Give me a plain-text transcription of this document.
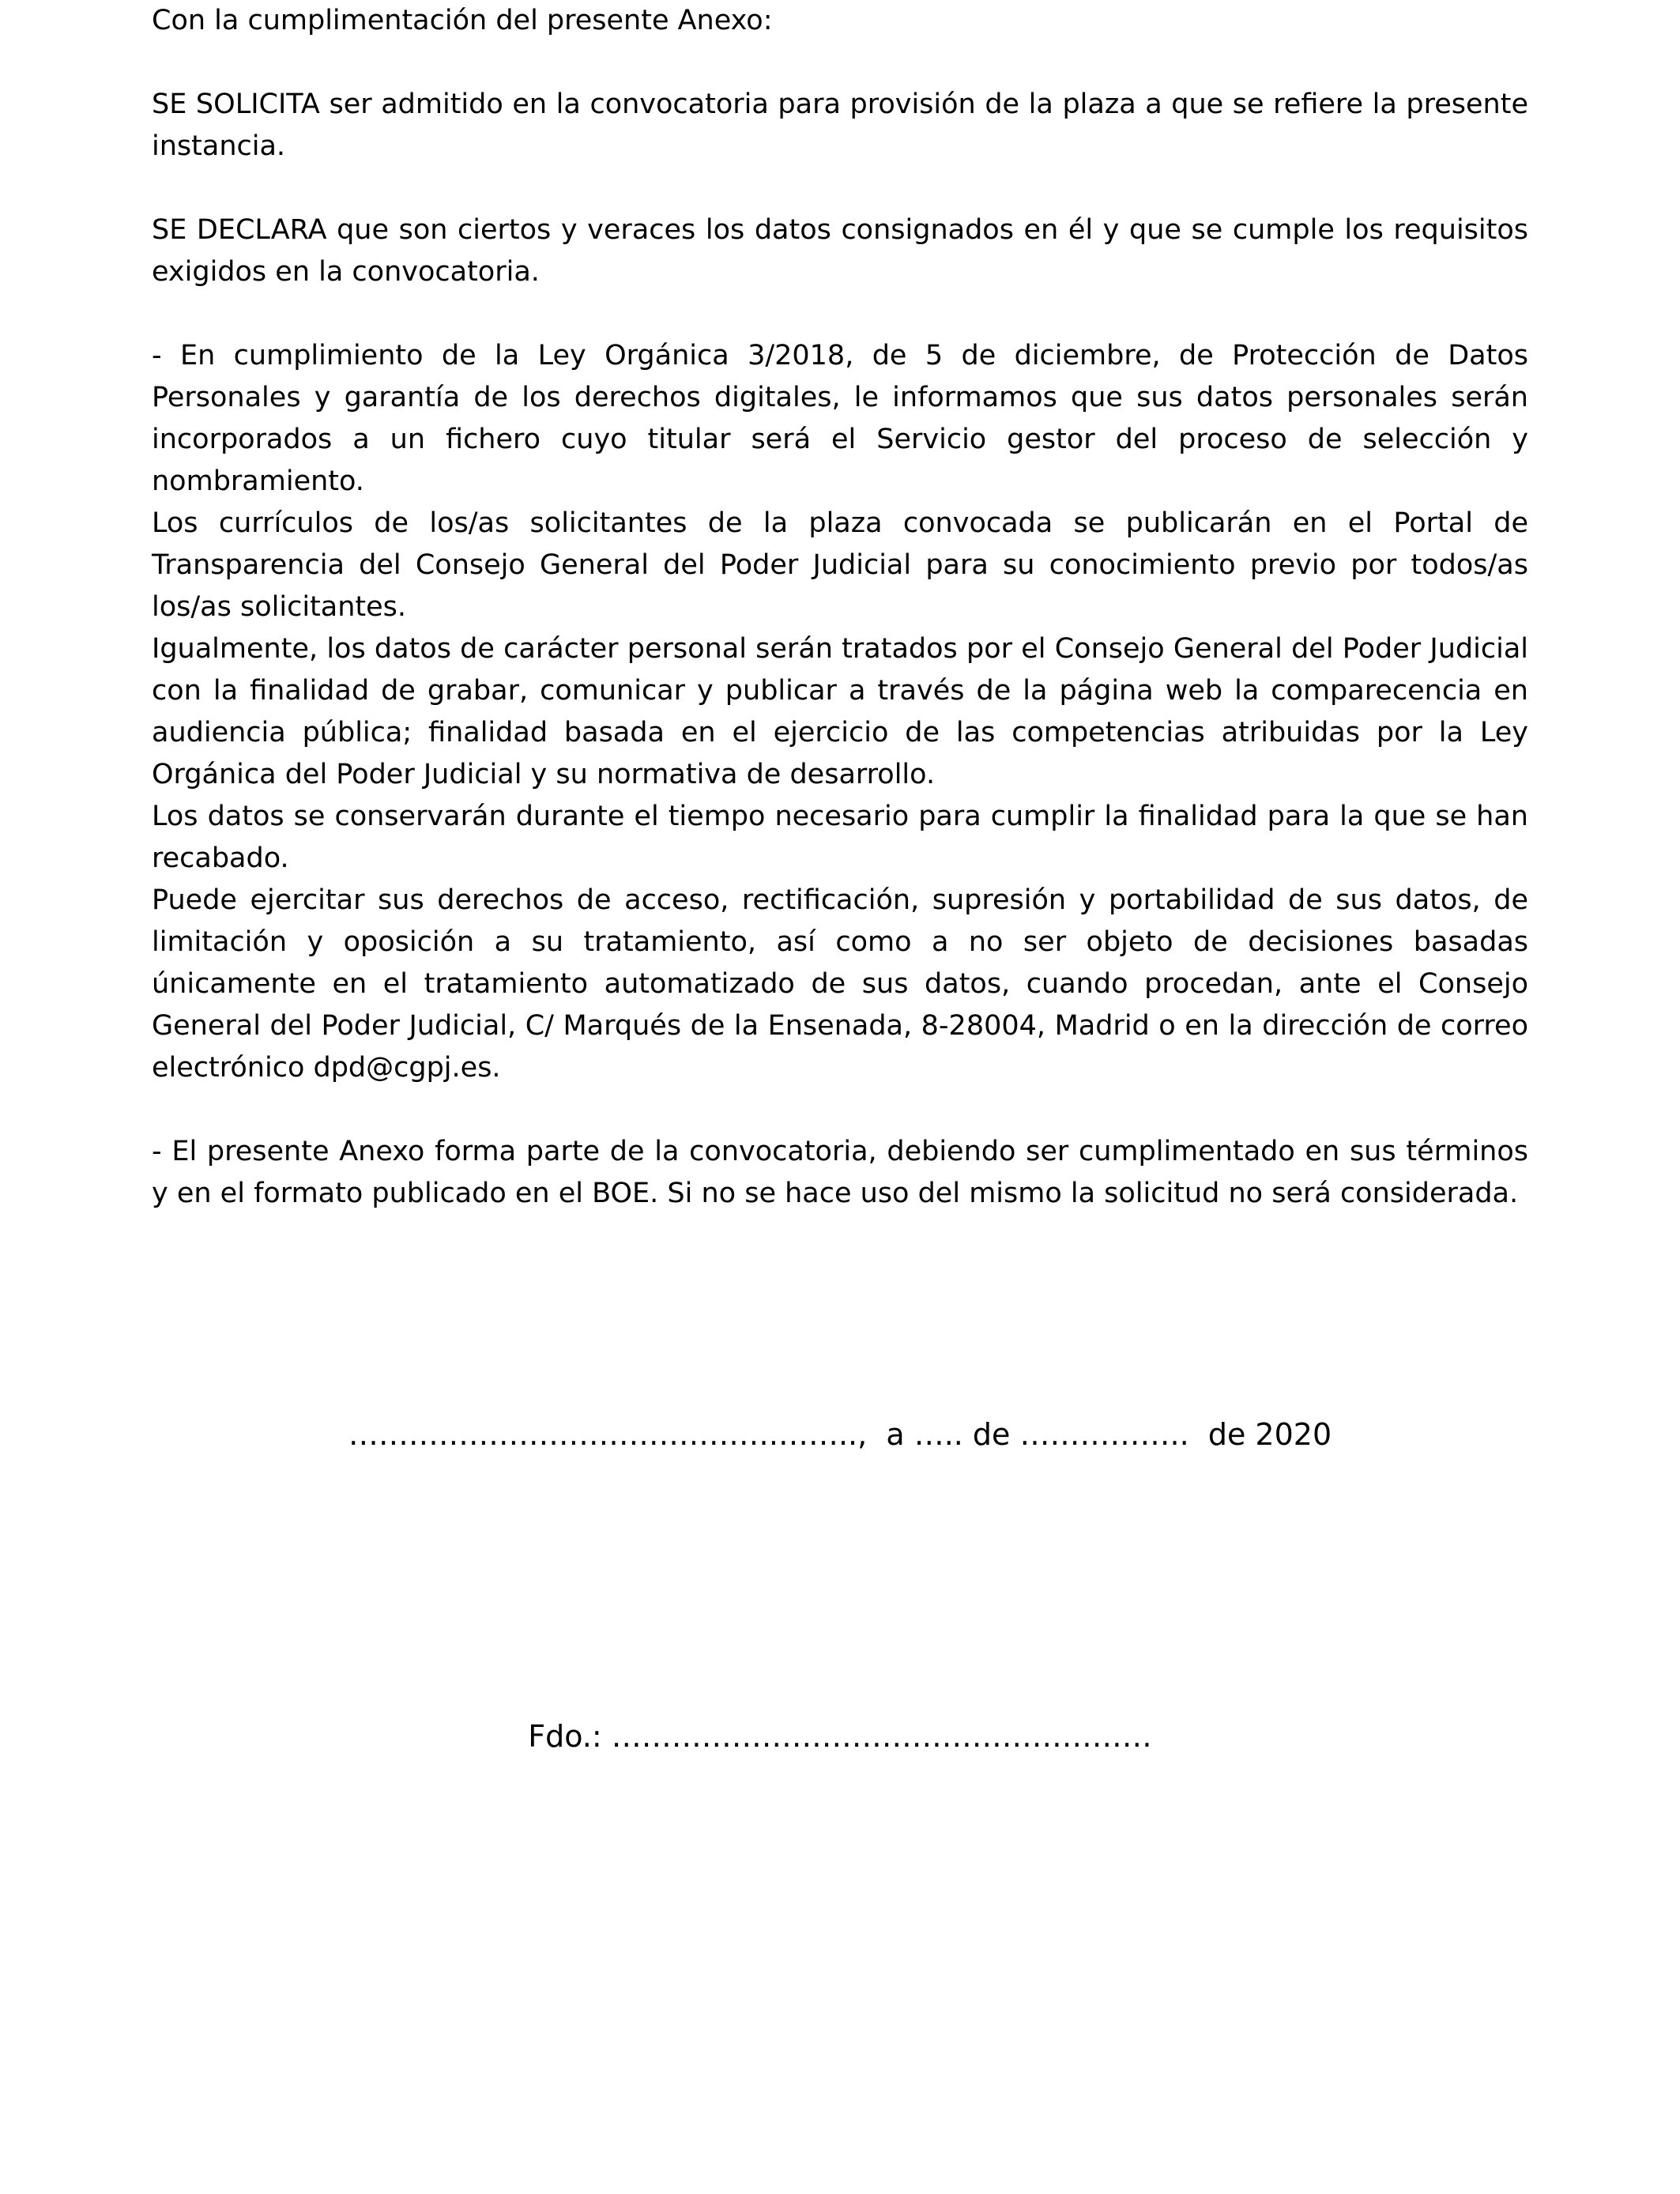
Con la cumplimentación del presente Anexo:

SE SOLICITA ser admitido en la convocatoria para provisión de la plaza a que se refiere la presente instancia.

SE DECLARA que son ciertos y veraces los datos consignados en él y que se cumple los requisitos exigidos en la convocatoria.

- En cumplimiento de la Ley Orgánica 3/2018, de 5 de diciembre, de Protección de Datos Personales y garantía de los derechos digitales, le informamos que sus datos personales serán incorporados a un fichero cuyo titular será el Servicio gestor del proceso de selección y nombramiento.

Los currículos de los/as solicitantes de la plaza convocada se publicarán en el Portal de Transparencia del Consejo General del Poder Judicial para su conocimiento previo por todos/as los/as solicitantes.

Igualmente, los datos de carácter personal serán tratados por el Consejo General del Poder Judicial con la finalidad de grabar, comunicar y publicar a través de la página web la comparecencia en audiencia pública; finalidad basada en el ejercicio de las competencias atribuidas por la Ley Orgánica del Poder Judicial y su normativa de desarrollo.

Los datos se conservarán durante el tiempo necesario para cumplir la finalidad para la que se han recabado.

Puede ejercitar sus derechos de acceso, rectificación, supresión y portabilidad de sus datos, de limitación y oposición a su tratamiento, así como a no ser objeto de decisiones basadas únicamente en el tratamiento automatizado de sus datos, cuando procedan, ante el Consejo General del Poder Judicial, C/ Marqués de la Ensenada, 8-28004, Madrid o en la dirección de correo electrónico dpd@cgpj.es.

- El presente Anexo forma parte de la convocatoria, debiendo ser cumplimentado en sus términos y en el formato publicado en el BOE. Si no se hace uso del mismo la solicitud no será considerada.

…………………………………….……..,  a ….. de ……………..  de 2020
Fdo.: ………………………………………………
